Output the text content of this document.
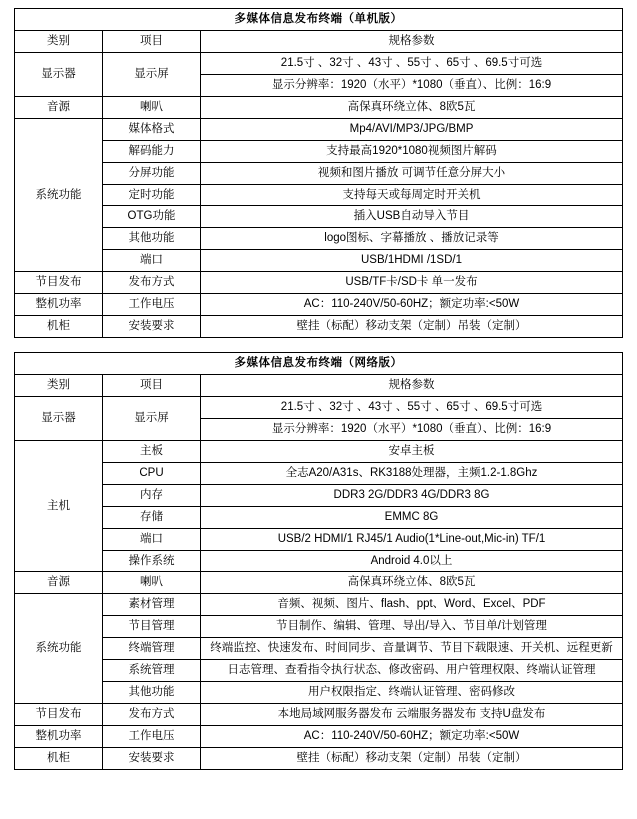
多媒体信息发布终端（单机版）		
类别	项目	规格参数
显示器	显示屏	21.5寸 、32寸 、43寸 、55寸 、65寸 、69.5寸可选
		显示分辨率：1920（水平）*1080（垂直）、比例：16:9
音源	喇叭	高保真环绕立体、8欧5瓦
系统功能	媒体格式	Mp4/AVI/MP3/JPG/BMP
	解码能力	支持最高1920*1080视频图片解码
	分屏功能	视频和图片播放 可调节任意分屏大小
	定时功能	支持每天或每周定时开关机
	OTG功能	插入USB自动导入节目
	其他功能	logo图标、字幕播放 、播放记录等
	端口	USB/1HDMI /1SD/1
节目发布	发布方式	USB/TF卡/SD卡 单一发布
整机功率	工作电压	AC：110-240V/50-60HZ；额定功率:<50W
机柜	安装要求	壁挂（标配）移动支架（定制）吊装（定制）
多媒体信息发布终端（网络版）		
类别	项目	规格参数
显示器	显示屏	21.5寸 、32寸 、43寸 、55寸 、65寸 、69.5寸可选
		显示分辨率：1920（水平）*1080（垂直）、比例：16:9
主机	主板	安卓主板
	CPU	全志A20/A31s、RK3188处理器，主频1.2-1.8Ghz
	内存	DDR3 2G/DDR3 4G/DDR3 8G
	存储	EMMC 8G
	端口	USB/2 HDMI/1 RJ45/1 Audio(1*Line-out,Mic-in) TF/1
	操作系统	Android 4.0以上
音源	喇叭	高保真环绕立体、8欧5瓦
系统功能	素材管理	音频、视频、图片、flash、ppt、Word、Excel、PDF
	节目管理	节目制作、编辑、管理、导出/导入、节目单/计划管理
	终端管理	终端监控、快速发布、时间同步、音量调节、节目下载限速、开关机、远程更新
	系统管理	日志管理、查看指令执行状态、修改密码、用户管理权限、终端认证管理
	其他功能	用户权限指定、终端认证管理、密码修改
节目发布	发布方式	本地局域网服务器发布 云端服务器发布 支持U盘发布
整机功率	工作电压	AC：110-240V/50-60HZ；额定功率:<50W
机柜	安装要求	壁挂（标配）移动支架（定制）吊装（定制）
